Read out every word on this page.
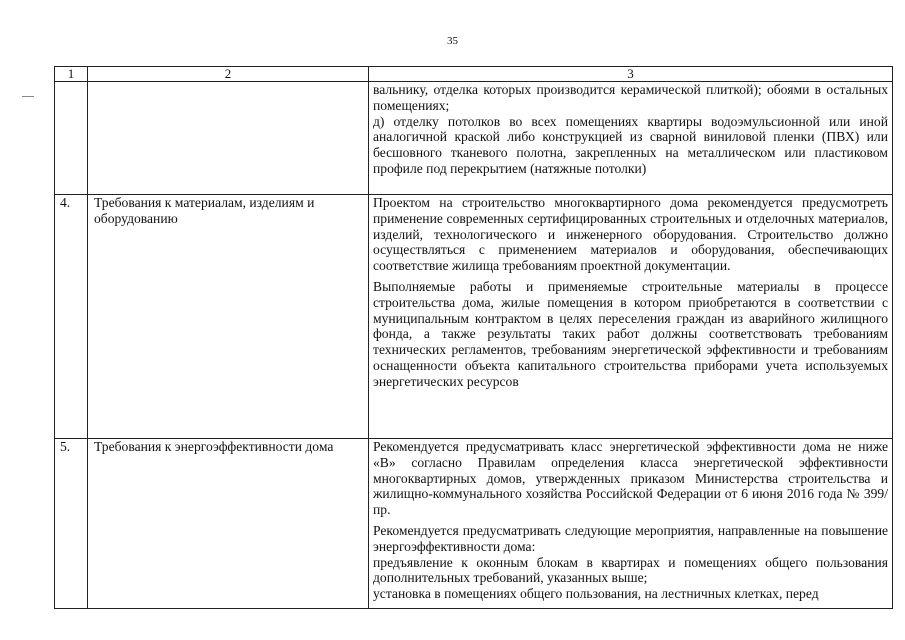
35
1	2	3

		вальнику, отделка которых производится керамической плиткой); обоями в остальных помещениях;
д) отделку потолков во всех помещениях квартиры водоэмульсионной или иной аналогичной краской либо конструкцией из сварной виниловой пленки (ПВХ) или бесшовного тканевого полотна, закрепленных на металлическом или пластиковом профиле под перекрытием (натяжные потолки)

4.	Требования к материалам, изделиям и оборудованию	Проектом на строительство многоквартирного дома рекомендуется предусмотреть применение современных сертифицированных строительных и отделочных материалов, изделий, технологического и инженерного оборудования. Строительство должно осуществляться с применением материалов и оборудования, обеспечивающих соответствие жилища требованиям проектной документации.
Выполняемые работы и применяемые строительные материалы в процессе строительства дома, жилые помещения в котором приобретаются в соответствии с муниципальным контрактом в целях переселения граждан из аварийного жилищного фонда, а также результаты таких работ должны соответствовать требованиям технических регламентов, требованиям энергетической эффективности и требованиям оснащенности объекта капитального строительства приборами учета используемых энергетических ресурсов

5.	Требования к энергоэффективности дома	Рекомендуется предусматривать класс энергетической эффективности дома не ниже «В» согласно Правилам определения класса энергетической эффективности многоквартирных домов, утвержденных приказом Министерства строительства и жилищно-коммунального хозяйства Российской Федерации от 6 июня 2016 года № 399/пр.
Рекомендуется предусматривать следующие мероприятия, направленные на повышение энергоэффективности дома:
предъявление к оконным блокам в квартирах и помещениях общего пользования дополнительных требований, указанных выше;
установка в помещениях общего пользования, на лестничных клетках, перед
